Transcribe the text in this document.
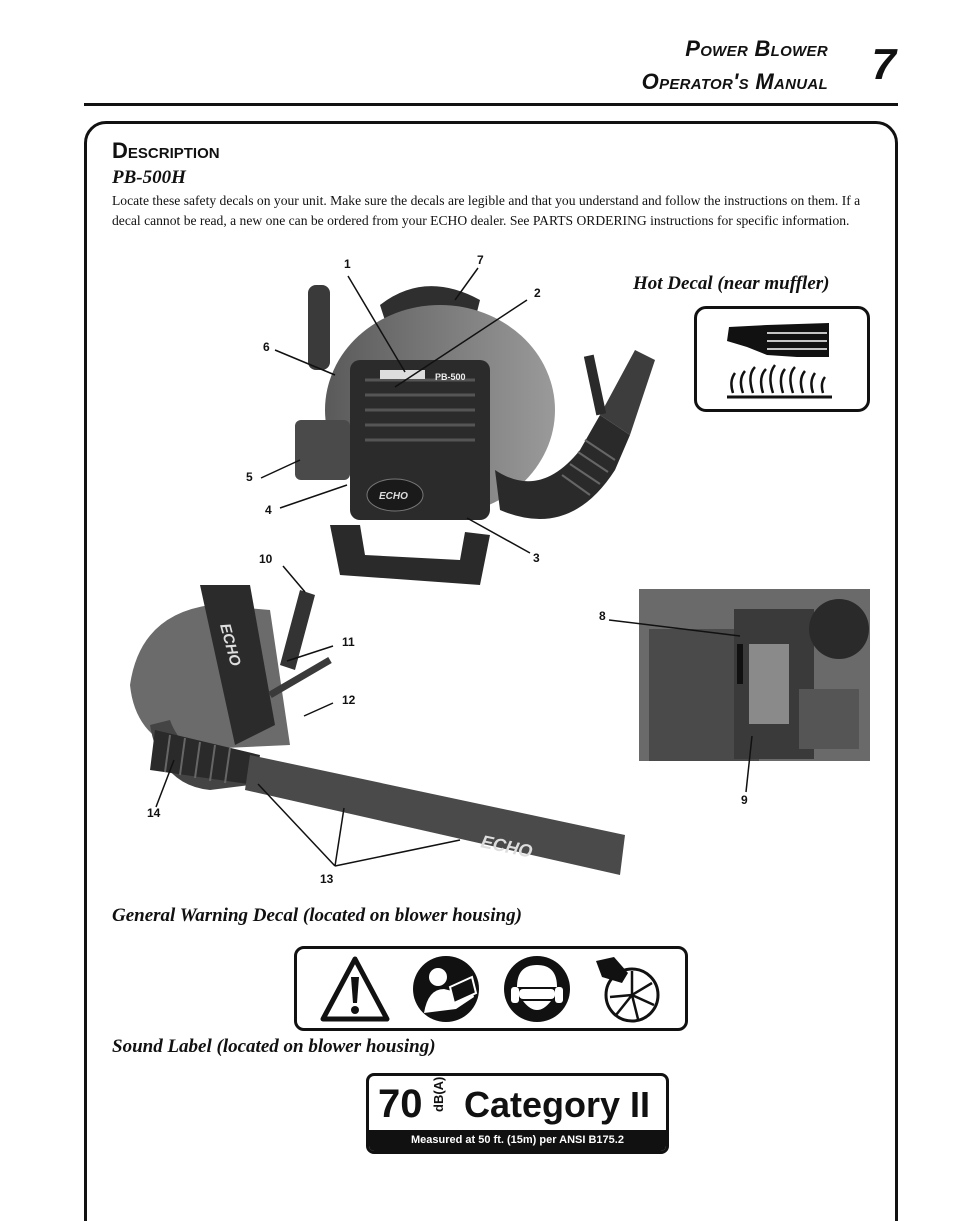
Power Blower
Operator's Manual 7
Description
PB-500H
Locate these safety decals on your unit. Make sure the decals are legible and that you understand and follow the instructions on them. If a decal cannot be read, a new one can be ordered from your ECHO dealer. See PARTS ORDERING instructions for specific information.
ECHO
PB-500
ECHO
ECHO
1
2
3
4
5
6
7
8
9
10
11
12
13
14
Hot Decal (near muffler)
General Warning Decal (located on blower housing)
Sound Label (located on blower housing)
70 dB(A) Category II
Measured at 50 ft. (15m) per ANSI B175.2
